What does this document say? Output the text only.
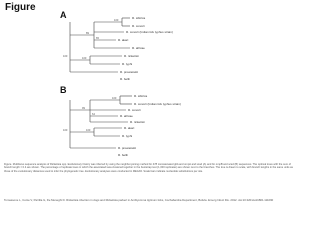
Figure
A	R. sibirica
R. conorii
R. conorii (Indian tick typhus strain)
R. akari
R. africae
R. rickettsii
R. typhi
R. prowazekii
R. bellii
100
89
65
100
100
R. sibirica
R. conorii (Indian tick typhus strain)
R. conorii
R. africae
R. rickettsii
R. akari
R. typhi
R. prowazekii
R. bellii
100
99
64
100
100
B

Figure. Multilocus sequence analysis of Rickettsia spp. Evolutionary history was inferred by using the neighbor-joining method for 478 concatenated gltA and ompA and sca4 (A) and for ompB and sca4 (B) sequences. The optimal trees with the sum of branch length = 0.4 are shown. The percentage of replicate trees in which the associated taxa clustered together in the bootstrap test (1,000 replicates) are shown next to the branches. The tree is drawn to scale, with branch lengths in the same units as those of the evolutionary distances used to infer the phylogenetic tree. Evolutionary analyses were conducted in MEGA5. Scale bars indicate nucleotide substitutions per site.

Tomassone L, Conte V, Parrilla G, De Meneghi D. Rickettsia infection in dogs and Rickettsia parkeri in Amblyomma tigrinum ticks, Cochabamba Department, Bolivia. Emerg Infect Dis. 2012. doi:10.3201/eid1801.111090
